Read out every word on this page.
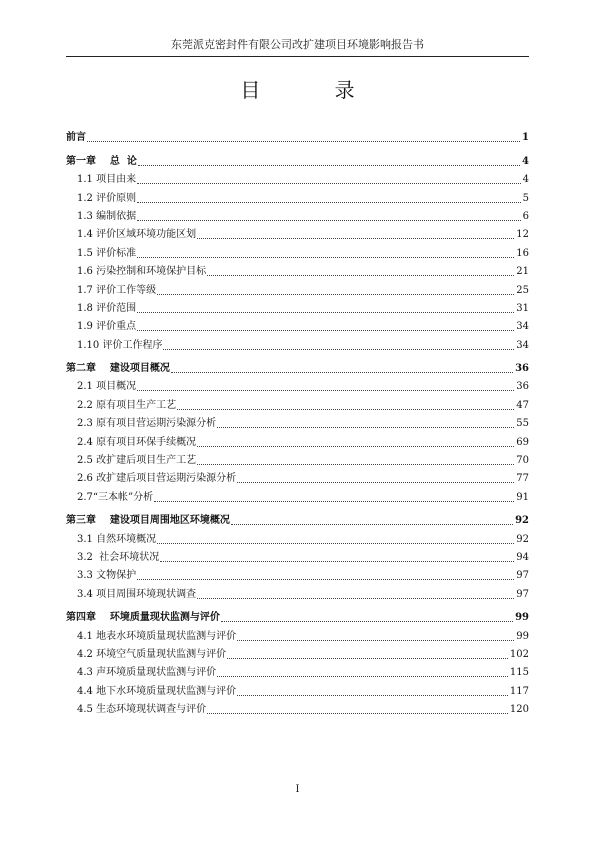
东莞派克密封件有限公司改扩建项目环境影响报告书
目 录
前言	1
第一章    总  论	4
1.1 项目由来	4
1.2 评价原则	5
1.3 编制依据	6
1.4 评价区域环境功能区划	12
1.5 评价标准	16
1.6 污染控制和环境保护目标	21
1.7 评价工作等级	25
1.8 评价范围	31
1.9 评价重点	34
1.10 评价工作程序	34
第二章    建设项目概况	36
2.1 项目概况	36
2.2 原有项目生产工艺	47
2.3 原有项目营运期污染源分析	55
2.4 原有项目环保手续概况	69
2.5 改扩建后项目生产工艺	70
2.6 改扩建后项目营运期污染源分析	77
2.7“三本帐”分析	91
第三章    建设项目周围地区环境概况	92
3.1 自然环境概况	92
3.2  社会环境状况	94
3.3 文物保护	97
3.4 项目周围环境现状调查	97
第四章    环境质量现状监测与评价	99
4.1 地表水环境质量现状监测与评价	99
4.2 环境空气质量现状监测与评价	102
4.3 声环境质量现状监测与评价	115
4.4 地下水环境质量现状监测与评价	117
4.5 生态环境现状调查与评价	120
I
